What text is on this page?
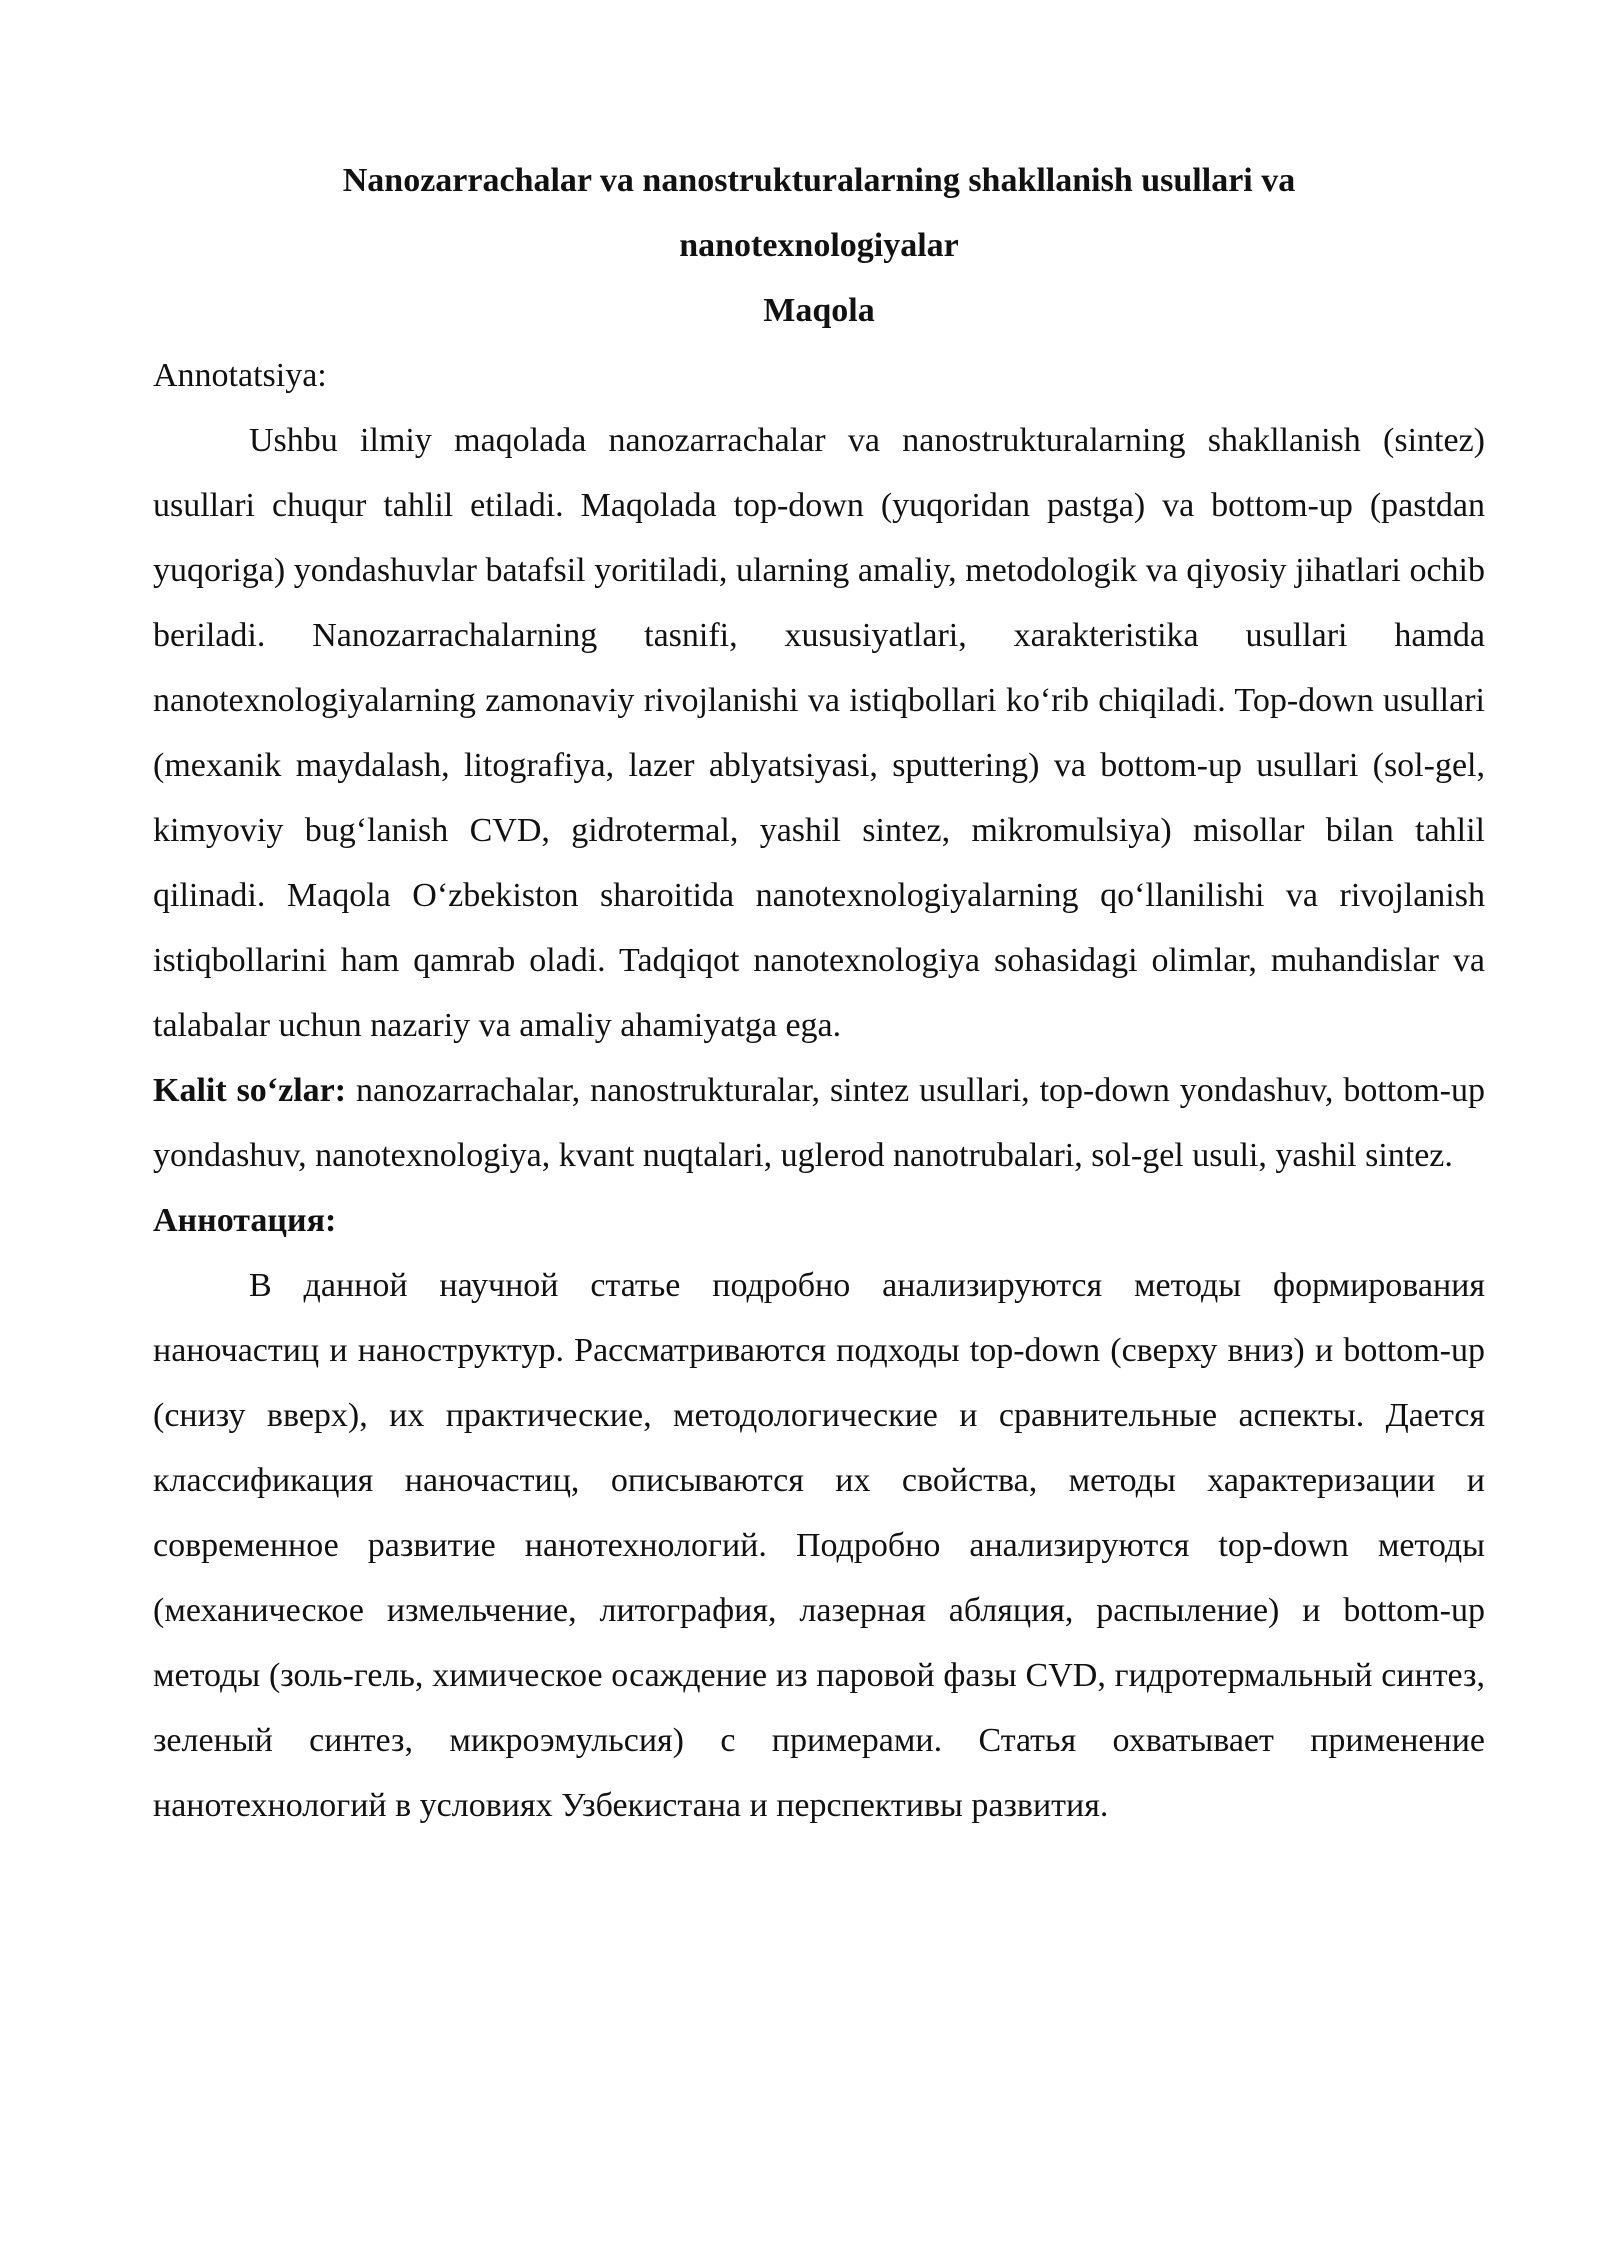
Nanozarrachalar va nanostrukturalarning shakllanish usullari va

nanotexnologiyalar

Maqola

Annotatsiya:

Ushbu ilmiy maqolada nanozarrachalar va nanostrukturalarning shakllanish (sintez) usullari chuqur tahlil etiladi. Maqolada top-down (yuqoridan pastga) va bottom-up (pastdan yuqoriga) yondashuvlar batafsil yoritiladi, ularning amaliy, metodologik va qiyosiy jihatlari ochib beriladi. Nanozarrachalarning tasnifi, xususiyatlari, xarakteristika usullari hamda nanotexnologiyalarning zamonaviy rivojlanishi va istiqbollari ko‘rib chiqiladi. Top-down usullari (mexanik maydalash, litografiya, lazer ablyatsiyasi, sputtering) va bottom-up usullari (sol-gel, kimyoviy bug‘lanish CVD, gidrotermal, yashil sintez, mikromulsiya) misollar bilan tahlil qilinadi. Maqola O‘zbekiston sharoitida nanotexnologiyalarning qo‘llanilishi va rivojlanish istiqbollarini ham qamrab oladi. Tadqiqot nanotexnologiya sohasidagi olimlar, muhandislar va talabalar uchun nazariy va amaliy ahamiyatga ega.

Kalit so‘zlar: nanozarrachalar, nanostrukturalar, sintez usullari, top-down yondashuv, bottom-up yondashuv, nanotexnologiya, kvant nuqtalari, uglerod nanotrubalari, sol-gel usuli, yashil sintez.

Аннотация:

В данной научной статье подробно анализируются методы формирования наночастиц и наноструктур. Рассматриваются подходы top-down (сверху вниз) и bottom-up (снизу вверх), их практические, методологические и сравнительные аспекты. Дается классификация наночастиц, описываются их свойства, методы характеризации и современное развитие нанотехнологий. Подробно анализируются top-down методы (механическое измельчение, литография, лазерная абляция, распыление) и bottom-up методы (золь-гель, химическое осаждение из паровой фазы CVD, гидротермальный синтез, зеленый синтез, микроэмульсия) с примерами. Статья охватывает применение нанотехнологий в условиях Узбекистана и перспективы развития.
